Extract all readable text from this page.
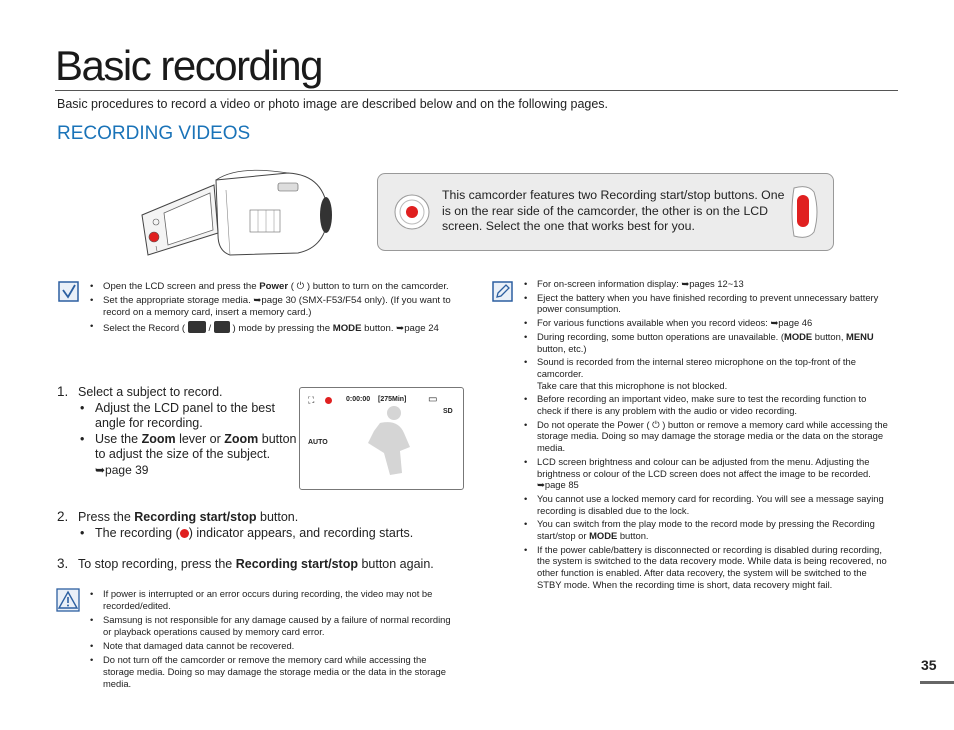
Basic recording
Basic procedures to record a video or photo image are described below and on the following pages.
RECORDING VIDEOS
This camcorder features two Recording start/stop buttons. One is on the rear side of the camcorder, the other is on the LCD screen. Select the one that works best for you.
• Open the LCD screen and press the Power ( ⏻ ) button to turn on the camcorder.
• Set the appropriate storage media. ➥page 30 (SMX-F53/F54 only). (If you want to record on a memory card, insert a memory card.)
• Select the Record (  /  ) mode by pressing the MODE button. ➥page 24
1. Select a subject to record.
• Adjust the LCD panel to the best angle for recording.
• Use the Zoom lever or Zoom button to adjust the size of the subject.
➥page 39
⛶	0:00:00 [275Min] ▭
SD
AUTO
2. Press the Recording start/stop button.
• The recording ( ) indicator appears, and recording starts.
3. To stop recording, press the Recording start/stop button again.
• If power is interrupted or an error occurs during recording, the video may not be recorded/edited.
• Samsung is not responsible for any damage caused by a failure of normal recording or playback operations caused by memory card error.
• Note that damaged data cannot be recovered.
• Do not turn off the camcorder or remove the memory card while accessing the storage media. Doing so may damage the storage media or the data in the storage media.
• For on-screen information display: ➥pages 12~13
• Eject the battery when you have finished recording to prevent unnecessary battery power consumption.
• For various functions available when you record videos: ➥page 46
• During recording, some button operations are unavailable. (MODE button, MENU button, etc.)
• Sound is recorded from the internal stereo microphone on the top-front of the camcorder.
Take care that this microphone is not blocked.
• Before recording an important video, make sure to test the recording function to check if there is any problem with the audio or video recording.
• Do not operate the Power ( ⏻ ) button or remove a memory card while accessing the storage media. Doing so may damage the storage media or the data on the storage media.
• LCD screen brightness and colour can be adjusted from the menu. Adjusting the brightness or colour of the LCD screen does not affect the image to be recorded. ➥page 85
• You cannot use a locked memory card for recording. You will see a message saying recording is disabled due to the lock.
• You can switch from the play mode to the record mode by pressing the Recording start/stop or MODE button.
• If the power cable/battery is disconnected or recording is disabled during recording, the system is switched to the data recovery mode. While data is being recovered, no other function is enabled. After data recovery, the system will be switched to the STBY mode. When the recording time is short, data recovery might fail.
35
